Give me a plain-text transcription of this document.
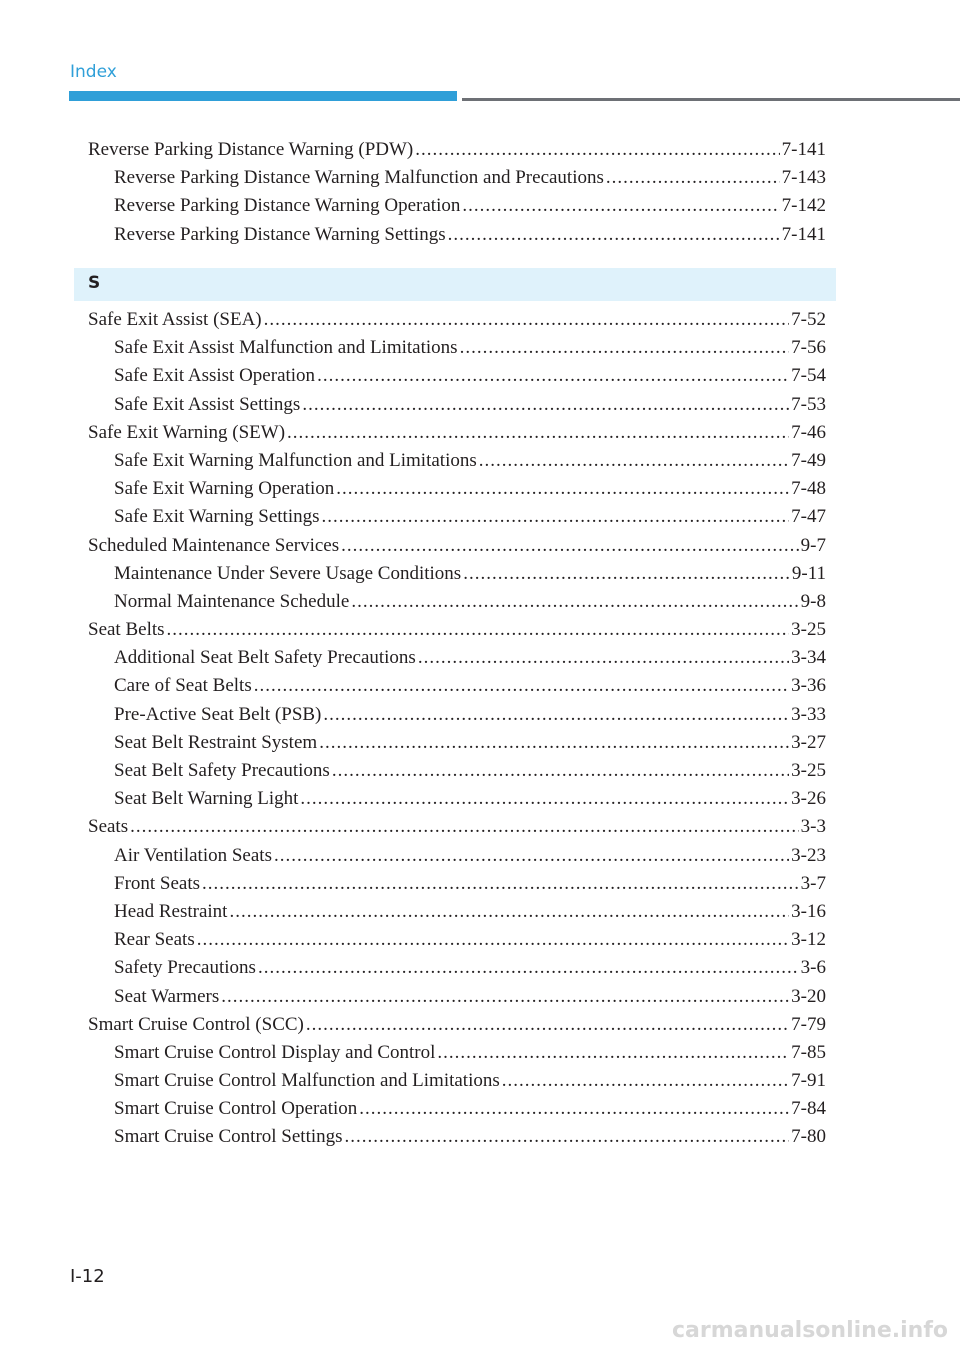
Index
Reverse Parking Distance Warning (PDW) .....	7-141
Reverse Parking Distance Warning Malfunction and Precautions .....	7-143
Reverse Parking Distance Warning Operation .....	7-142
Reverse Parking Distance Warning Settings .....	7-141
S
Safe Exit Assist (SEA) .....	7-52
Safe Exit Assist Malfunction and Limitations .....	7-56
Safe Exit Assist Operation .....	7-54
Safe Exit Assist Settings .....	7-53
Safe Exit Warning (SEW) .....	7-46
Safe Exit Warning Malfunction and Limitations .....	7-49
Safe Exit Warning Operation .....	7-48
Safe Exit Warning Settings .....	7-47
Scheduled Maintenance Services .....	9-7
Maintenance Under Severe Usage Conditions .....	9-11
Normal Maintenance Schedule .....	9-8
Seat Belts .....	3-25
Additional Seat Belt Safety Precautions .....	3-34
Care of Seat Belts .....	3-36
Pre-Active Seat Belt (PSB) .....	3-33
Seat Belt Restraint System .....	3-27
Seat Belt Safety Precautions .....	3-25
Seat Belt Warning Light .....	3-26
Seats .....	3-3
Air Ventilation Seats .....	3-23
Front Seats .....	3-7
Head Restraint .....	3-16
Rear Seats .....	3-12
Safety Precautions .....	3-6
Seat Warmers .....	3-20
Smart Cruise Control (SCC) .....	7-79
Smart Cruise Control Display and Control .....	7-85
Smart Cruise Control Malfunction and Limitations .....	7-91
Smart Cruise Control Operation .....	7-84
Smart Cruise Control Settings .....	7-80
I-12
carmanualsonline.info
